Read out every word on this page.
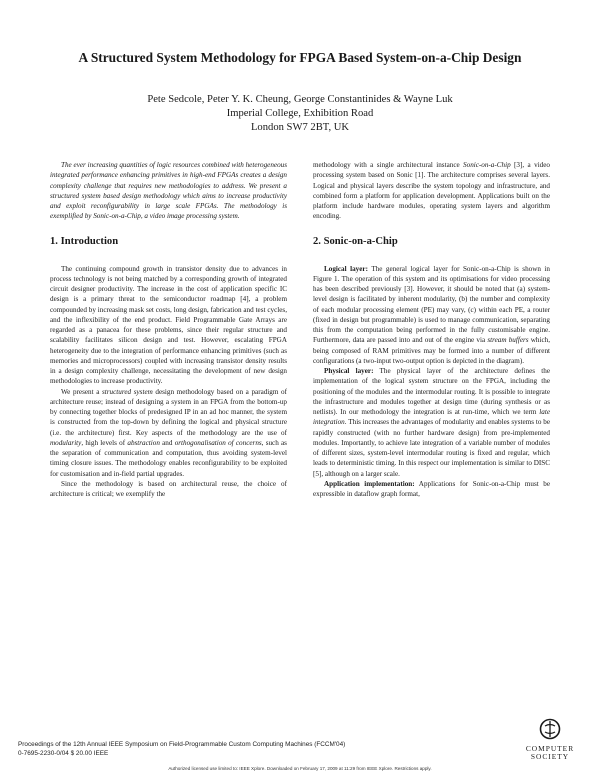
A Structured System Methodology for FPGA Based System-on-a-Chip Design
Pete Sedcole, Peter Y. K. Cheung, George Constantinides & Wayne Luk
Imperial College, Exhibition Road
London SW7 2BT, UK

The ever increasing quantities of logic resources combined with heterogeneous integrated performance enhancing primitives in high-end FPGAs creates a design complexity challenge that requires new methodologies to address. We present a structured system based design methodology which aims to increase productivity and exploit reconfigurability in large scale FPGAs. The methodology is exemplified by Sonic-on-a-Chip, a video image processing system.

1. Introduction

The continuing compound growth in transistor density due to advances in process technology is not being matched by a corresponding growth of integrated circuit designer productivity. The increase in the cost of application specific IC design is a primary threat to the semiconductor roadmap [4], a problem compounded by increasing mask set costs, long design, fabrication and test cycles, and the inflexibility of the end product. Field Programmable Gate Arrays are regarded as a panacea for these problems, since their regular structure and scalability facilitates silicon design and test. However, escalating FPGA heterogeneity due to the integration of performance enhancing primitives (such as memories and microprocessors) coupled with increasing transistor density results in a design complexity challenge, necessitating the development of new design methodologies to increase productivity.

We present a structured system design methodology based on a paradigm of architecture reuse; instead of designing a system in an FPGA from the bottom-up by connecting together blocks of predesigned IP in an ad hoc manner, the system is constructed from the top-down by defining the logical and physical structure (i.e. the architecture) first. Key aspects of the methodology are the use of modularity, high levels of abstraction and orthogonalisation of concerns, such as the separation of communication and computation, thus avoiding system-level timing closure issues. The methodology enables reconfigurability to be exploited for customisation and in-field partial upgrades.

Since the methodology is based on architectural reuse, the choice of architecture is critical; we exemplify the

methodology with a single architectural instance Sonic-on-a-Chip [3], a video processing system based on Sonic [1]. The architecture comprises several layers. Logical and physical layers describe the system topology and infrastructure, and combined form a platform for application development. Applications built on the platform include hardware modules, operating system layers and algorithm encoding.

2. Sonic-on-a-Chip

Logical layer: The general logical layer for Sonic-on-a-Chip is shown in Figure 1. The operation of this system and its optimisations for video processing has been described previously [3]. However, it should be noted that (a) system-level design is facilitated by inherent modularity, (b) the number and complexity of each modular processing element (PE) may vary, (c) within each PE, a router (fixed in design but programmable) is used to manage communication, separating this from the computation being performed in the fully customisable engine. Furthermore, data are passed into and out of the engine via stream buffers which, being composed of RAM primitives may be formed into a number of different configurations (a two-input two-output option is depicted in the diagram).

Physical layer: The physical layer of the architecture defines the implementation of the logical system structure on the FPGA, including the positioning of the modules and the intermodular routing. It is possible to integrate the infrastructure and modules together at design time (during synthesis or as netlists). In our methodology the integration is at run-time, which we term late integration. This increases the advantages of modularity and enables systems to be rapidly constructed (with no further hardware design) from pre-implemented modules. Importantly, to achieve late integration of a variable number of modules of different sizes, system-level intermodular routing is fixed and regular, which leads to deterministic timing. In this respect our implementation is similar to DISC [5], although on a larger scale.

Application implementation: Applications for Sonic-on-a-Chip must be expressible in dataflow graph format,

Proceedings of the 12th Annual IEEE Symposium on Field-Programmable Custom Computing Machines (FCCM'04)
0-7695-2230-0/04 $ 20.00 IEEE
COMPUTER
SOCIETY
Authorized licensed use limited to: IEEE Xplore. Downloaded on February 17, 2009 at 11:29 from IEEE Xplore. Restrictions apply.
